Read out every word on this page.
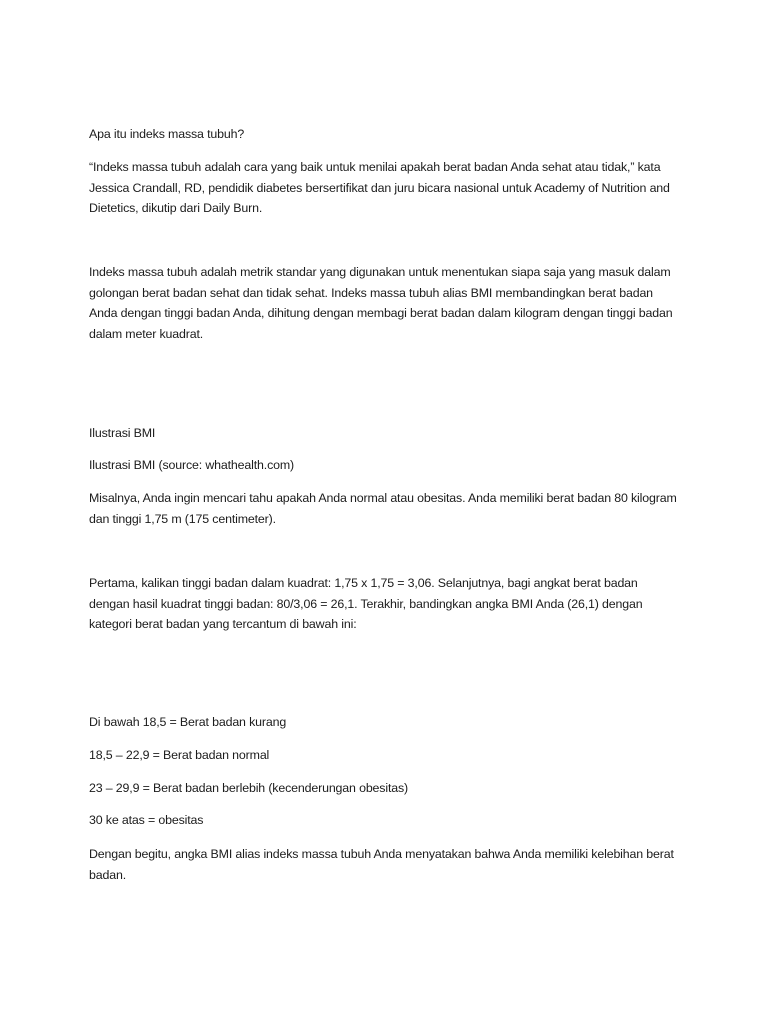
Apa itu indeks massa tubuh?

“Indeks massa tubuh adalah cara yang baik untuk menilai apakah berat badan Anda sehat atau tidak,” kata Jessica Crandall, RD, pendidik diabetes bersertifikat dan juru bicara nasional untuk Academy of Nutrition and Dietetics, dikutip dari Daily Burn.

Indeks massa tubuh adalah metrik standar yang digunakan untuk menentukan siapa saja yang masuk dalam golongan berat badan sehat dan tidak sehat. Indeks massa tubuh alias BMI membandingkan berat badan Anda dengan tinggi badan Anda, dihitung dengan membagi berat badan dalam kilogram dengan tinggi badan dalam meter kuadrat.

Ilustrasi BMI

Ilustrasi BMI (source: whathealth.com)

Misalnya, Anda ingin mencari tahu apakah Anda normal atau obesitas. Anda memiliki berat badan 80 kilogram dan tinggi 1,75 m (175 centimeter).

Pertama, kalikan tinggi badan dalam kuadrat: 1,75 x 1,75 = 3,06. Selanjutnya, bagi angkat berat badan dengan hasil kuadrat tinggi badan: 80/3,06 = 26,1. Terakhir, bandingkan angka BMI Anda (26,1) dengan kategori berat badan yang tercantum di bawah ini:

Di bawah 18,5 = Berat badan kurang

18,5 – 22,9 = Berat badan normal

23 – 29,9 = Berat badan berlebih (kecenderungan obesitas)

30 ke atas = obesitas

Dengan begitu, angka BMI alias indeks massa tubuh Anda menyatakan bahwa Anda memiliki kelebihan berat badan.
